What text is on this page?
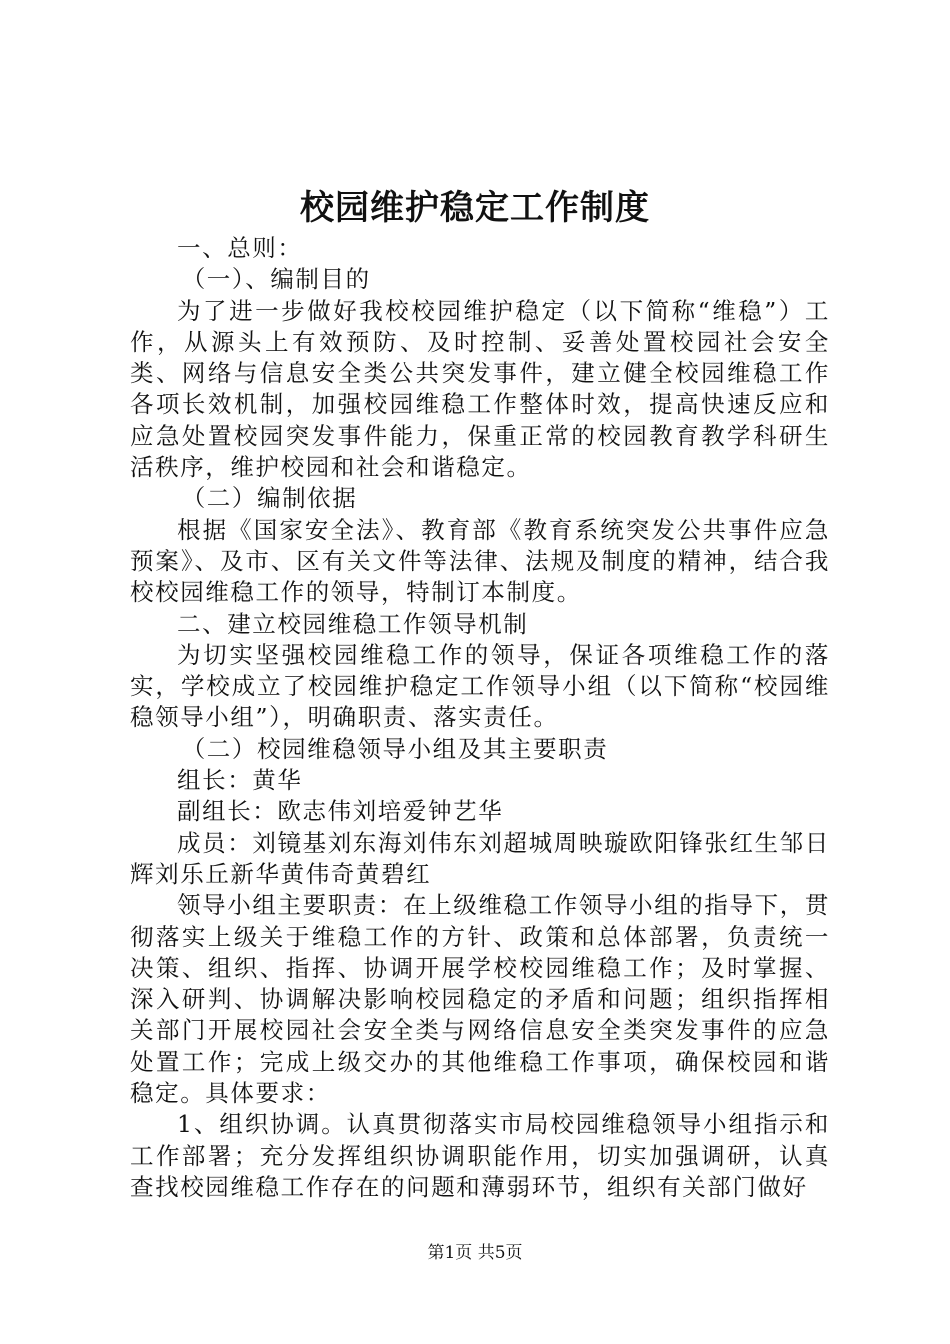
校园维护稳定工作制度

一、总则：

（一）、编制目的

为了进一步做好我校校园维护稳定（以下简称“维稳”）工作，从源头上有效预防、及时控制、妥善处置校园社会安全类、网络与信息安全类公共突发事件，建立健全校园维稳工作各项长效机制，加强校园维稳工作整体时效，提高快速反应和应急处置校园突发事件能力，保重正常的校园教育教学科研生活秩序，维护校园和社会和谐稳定。

（二）编制依据

根据《国家安全法》、教育部《教育系统突发公共事件应急预案》、及市、区有关文件等法律、法规及制度的精神，结合我校校园维稳工作的领导，特制订本制度。

二、建立校园维稳工作领导机制

为切实坚强校园维稳工作的领导，保证各项维稳工作的落实，学校成立了校园维护稳定工作领导小组（以下简称“校园维稳领导小组”），明确职责、落实责任。

（二）校园维稳领导小组及其主要职责

组长：黄华

副组长：欧志伟刘培爱钟艺华

成员：刘镜基刘东海刘伟东刘超城周映璇欧阳锋张红生邹日辉刘乐丘新华黄伟奇黄碧红

领导小组主要职责：在上级维稳工作领导小组的指导下，贯彻落实上级关于维稳工作的方针、政策和总体部署，负责统一决策、组织、指挥、协调开展学校校园维稳工作；及时掌握、深入研判、协调解决影响校园稳定的矛盾和问题；组织指挥相关部门开展校园社会安全类与网络信息安全类突发事件的应急处置工作；完成上级交办的其他维稳工作事项，确保校园和谐稳定。具体要求：

1、组织协调。认真贯彻落实市局校园维稳领导小组指示和工作部署；充分发挥组织协调职能作用，切实加强调研，认真查找校园维稳工作存在的问题和薄弱环节，组织有关部门做好

第1页 共5页
